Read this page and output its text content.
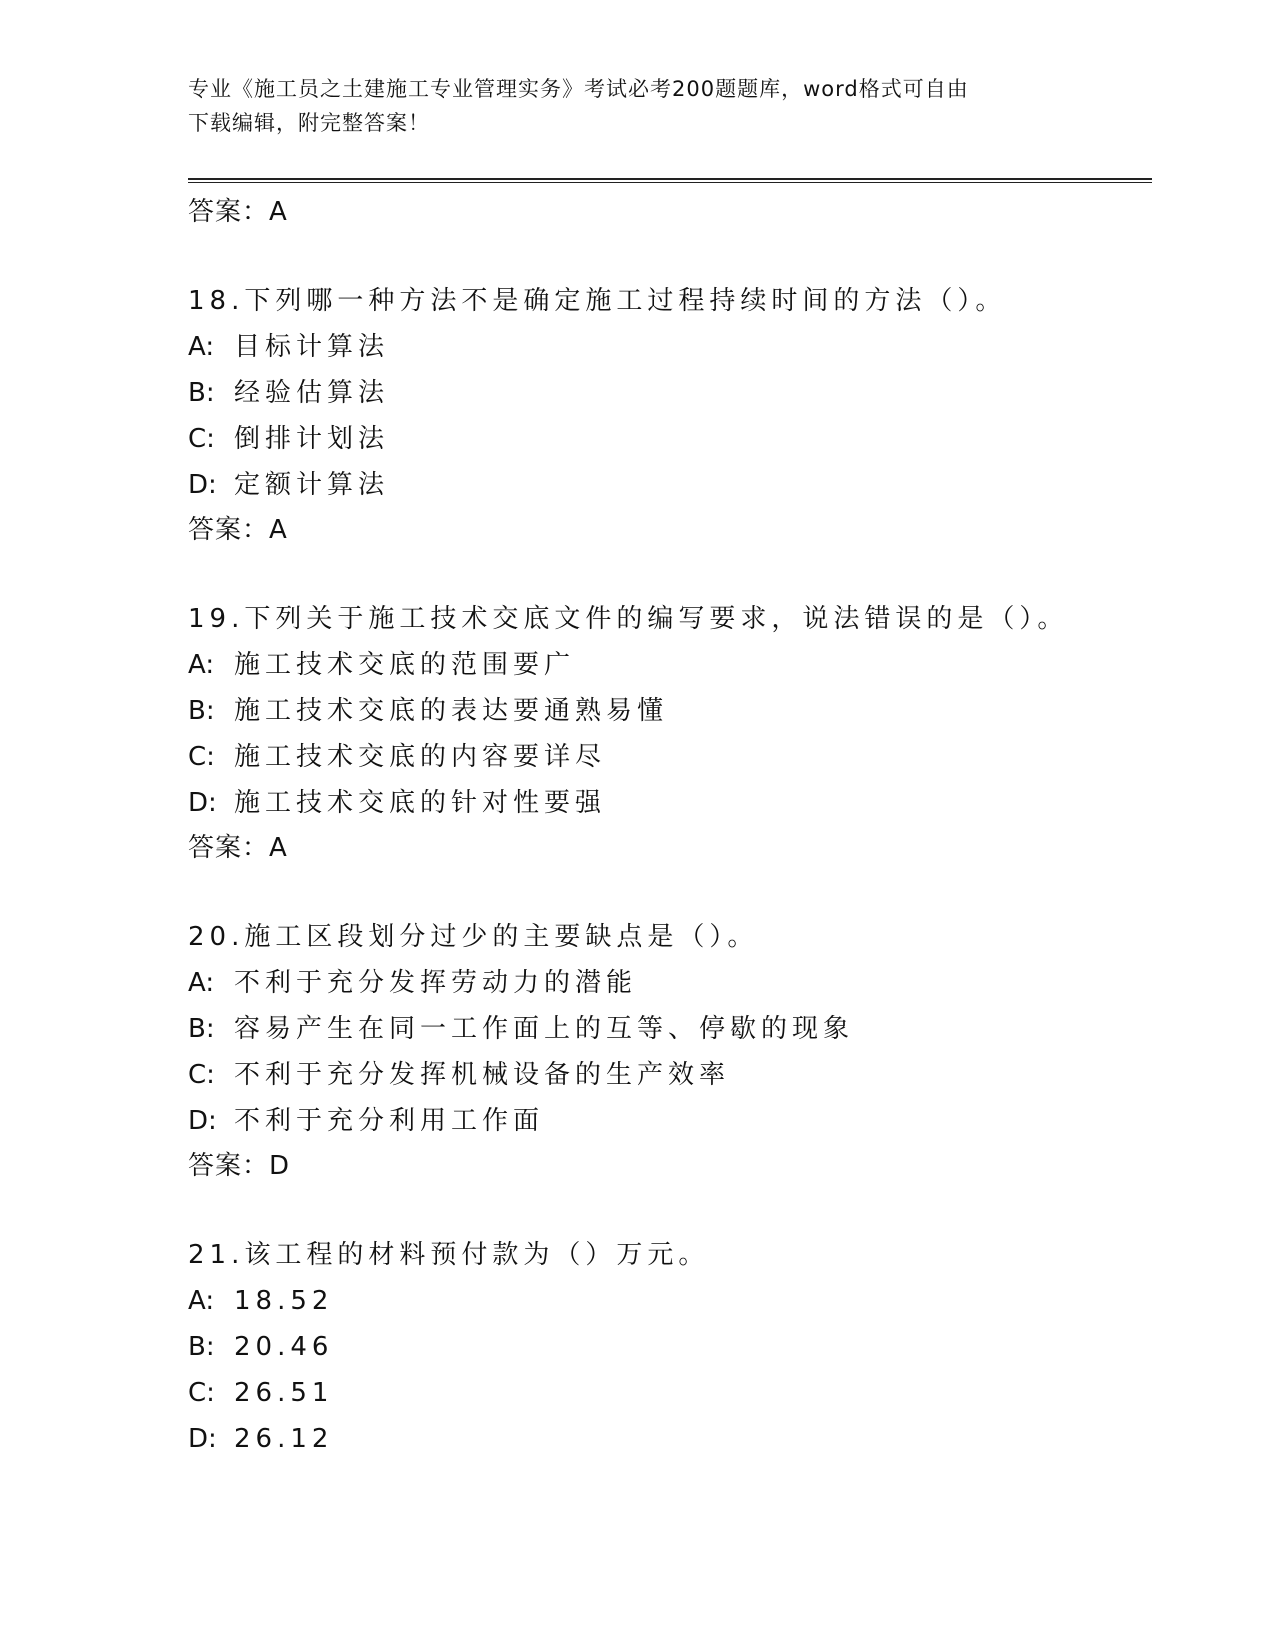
专业《施工员之土建施工专业管理实务》考试必考200题题库，word格式可自由

下载编辑，附完整答案！

答案：A

18.下列哪一种方法不是确定施工过程持续时间的方法（）。

A: 目标计算法

B: 经验估算法

C: 倒排计划法

D: 定额计算法

答案：A

19.下列关于施工技术交底文件的编写要求，说法错误的是（）。

A: 施工技术交底的范围要广

B: 施工技术交底的表达要通熟易懂

C: 施工技术交底的内容要详尽

D: 施工技术交底的针对性要强

答案：A

20.施工区段划分过少的主要缺点是（）。

A: 不利于充分发挥劳动力的潜能

B: 容易产生在同一工作面上的互等、停歇的现象

C: 不利于充分发挥机械设备的生产效率

D: 不利于充分利用工作面

答案：D

21.该工程的材料预付款为（）万元。

A: 18.52

B: 20.46

C: 26.51

D: 26.12
